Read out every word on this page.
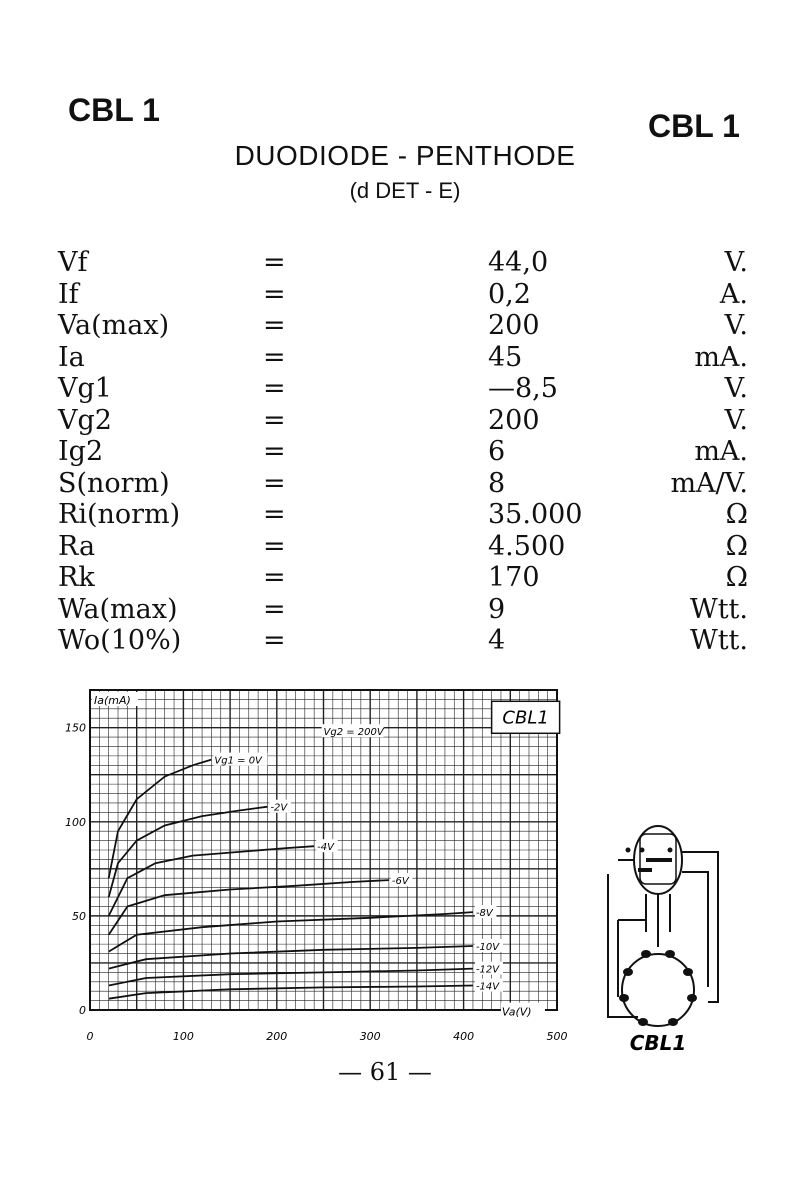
CBL 1	CBL 1
DUODIODE - PENTHODE
(d DET - E)
Vf	=	44,0	V.
If	=	0,2	A.
Va(max)	=	200	V.
Ia	=	45	mA.
Vg1	=	—8,5	V.
Vg2	=	200	V.
Ig2	=	6	mA.
S(norm)	=	8	mA/V.
Ri(norm)	=	35.000	Ω
Ra	=	4.500	Ω
Rk	=	170	Ω
Wa(max)	=	9	Wtt.
Wo(10%)	=	4	Wtt.
0	100	200	300	400	500
0
50
100
150
Ia(mA)
Va(V)
CBL1
Vg2 = 200V
Vg1 = 0V
-2V
-4V
-6V
-8V
-10V
-12V
-14V
CBL1
— 61 —
